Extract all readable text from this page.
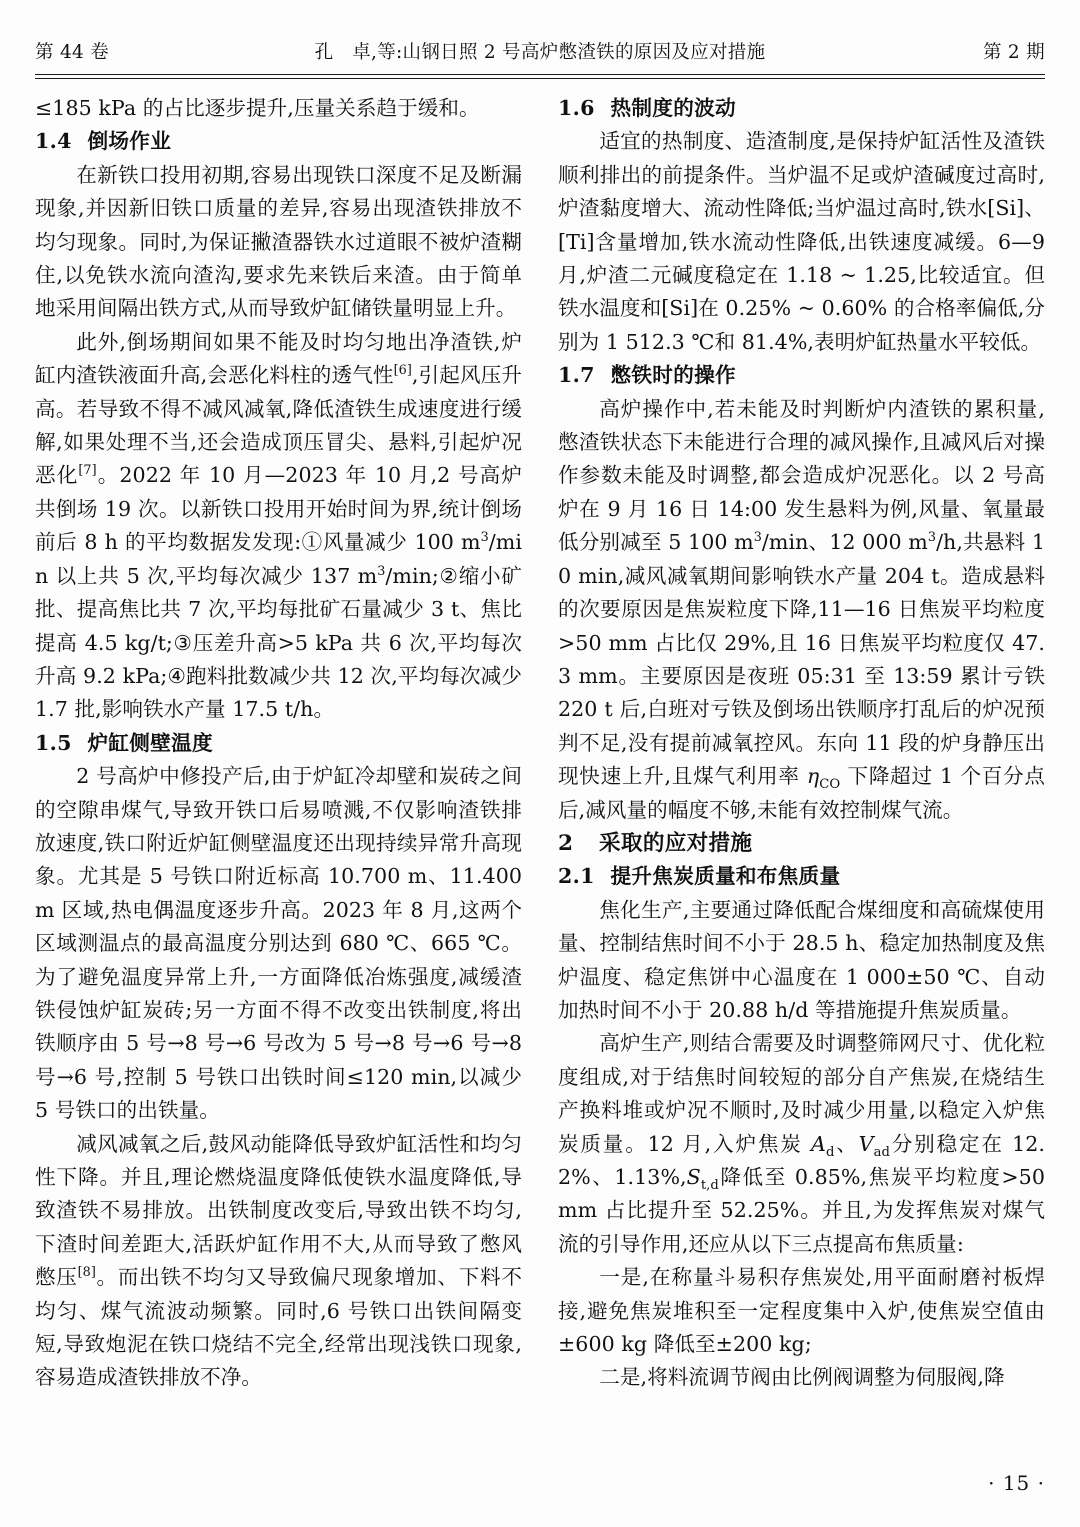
第 44 卷	孔　卓,等:山钢日照 2 号高炉憋渣铁的原因及应对措施	第 2 期

≤185 kPa 的占比逐步提升,压量关系趋于缓和。

1.4 倒场作业

在新铁口投用初期,容易出现铁口深度不足及断漏现象,并因新旧铁口质量的差异,容易出现渣铁排放不均匀现象。同时,为保证撇渣器铁水过道眼不被炉渣糊住,以免铁水流向渣沟,要求先来铁后来渣。由于简单地采用间隔出铁方式,从而导致炉缸储铁量明显上升。

此外,倒场期间如果不能及时均匀地出净渣铁,炉缸内渣铁液面升高,会恶化料柱的透气性[6],引起风压升高。若导致不得不减风减氧,降低渣铁生成速度进行缓解,如果处理不当,还会造成顶压冒尖、悬料,引起炉况恶化[7]。2022 年 10 月—2023 年 10 月,2 号高炉共倒场 19 次。以新铁口投用开始时间为界,统计倒场前后 8 h 的平均数据发发现:①风量减少 100 m$^3$/min 以上共 5 次,平均每次减少 137 m$^3$/min;②缩小矿批、提高焦比共 7 次,平均每批矿石量减少 3 t、焦比提高 4.5 kg/t;③压差升高>5 kPa 共 6 次,平均每次升高 9.2 kPa;④跑料批数减少共 12 次,平均每次减少 1.7 批,影响铁水产量 17.5 t/h。

1.5 炉缸侧壁温度

2 号高炉中修投产后,由于炉缸冷却壁和炭砖之间的空隙串煤气,导致开铁口后易喷溅,不仅影响渣铁排放速度,铁口附近炉缸侧壁温度还出现持续异常升高现象。尤其是 5 号铁口附近标高 10.700 m、11.400 m 区域,热电偶温度逐步升高。2023 年 8 月,这两个区域测温点的最高温度分别达到 680 ℃、665 ℃。为了避免温度异常上升,一方面降低冶炼强度,减缓渣铁侵蚀炉缸炭砖;另一方面不得不改变出铁制度,将出铁顺序由 5 号→8 号→6 号改为 5 号→8 号→6 号→8 号→6 号,控制 5 号铁口出铁时间≤120 min,以减少 5 号铁口的出铁量。

减风减氧之后,鼓风动能降低导致炉缸活性和均匀性下降。并且,理论燃烧温度降低使铁水温度降低,导致渣铁不易排放。出铁制度改变后,导致出铁不均匀,下渣时间差距大,活跃炉缸作用不大,从而导致了憋风憋压[8]。而出铁不均匀又导致偏尺现象增加、下料不均匀、煤气流波动频繁。同时,6 号铁口出铁间隔变短,导致炮泥在铁口烧结不完全,经常出现浅铁口现象,容易造成渣铁排放不净。

1.6 热制度的波动

适宜的热制度、造渣制度,是保持炉缸活性及渣铁顺利排出的前提条件。当炉温不足或炉渣碱度过高时,炉渣黏度增大、流动性降低;当炉温过高时,铁水[Si]、[Ti]含量增加,铁水流动性降低,出铁速度减缓。6—9 月,炉渣二元碱度稳定在 1.18 ~ 1.25,比较适宜。但铁水温度和[Si]在 0.25% ~ 0.60% 的合格率偏低,分别为 1 512.3 ℃和 81.4%,表明炉缸热量水平较低。

1.7 憋铁时的操作

高炉操作中,若未能及时判断炉内渣铁的累积量,憋渣铁状态下未能进行合理的减风操作,且减风后对操作参数未能及时调整,都会造成炉况恶化。以 2 号高炉在 9 月 16 日 14:00 发生悬料为例,风量、氧量最低分别减至 5 100 m$^3$/min、12 000 m$^3$/h,共悬料 10 min,减风减氧期间影响铁水产量 204 t。造成悬料的次要原因是焦炭粒度下降,11—16 日焦炭平均粒度>50 mm 占比仅 29%,且 16 日焦炭平均粒度仅 47.3 mm。主要原因是夜班 05:31 至 13:59 累计亏铁 220 t 后,白班对亏铁及倒场出铁顺序打乱后的炉况预判不足,没有提前减氧控风。东向 11 段的炉身静压出现快速上升,且煤气利用率 $\eta_{CO}$ 下降超过 1 个百分点后,减风量的幅度不够,未能有效控制煤气流。

2 采取的应对措施
2.1 提升焦炭质量和布焦质量

焦化生产,主要通过降低配合煤细度和高硫煤使用量、控制结焦时间不小于 28.5 h、稳定加热制度及焦炉温度、稳定焦饼中心温度在 1 000±50 ℃、自动加热时间不小于 20.88 h/d 等措施提升焦炭质量。

高炉生产,则结合需要及时调整筛网尺寸、优化粒度组成,对于结焦时间较短的部分自产焦炭,在烧结生产换料堆或炉况不顺时,及时减少用量,以稳定入炉焦炭质量。12 月,入炉焦炭 $A_d$、$V_{ad}$分别稳定在 12.2%、$1.13\%,S_{t,d}$降低至 0.85%,焦炭平均粒度>50 mm 占比提升至 52.25%。并且,为发挥焦炭对煤气流的引导作用,还应从以下三点提高布焦质量:

一是,在称量斗易积存焦炭处,用平面耐磨衬板焊接,避免焦炭堆积至一定程度集中入炉,使焦炭空值由±600 kg 降低至±200 kg;

二是,将料流调节阀由比例阀调整为伺服阀,降

· 15 ·
